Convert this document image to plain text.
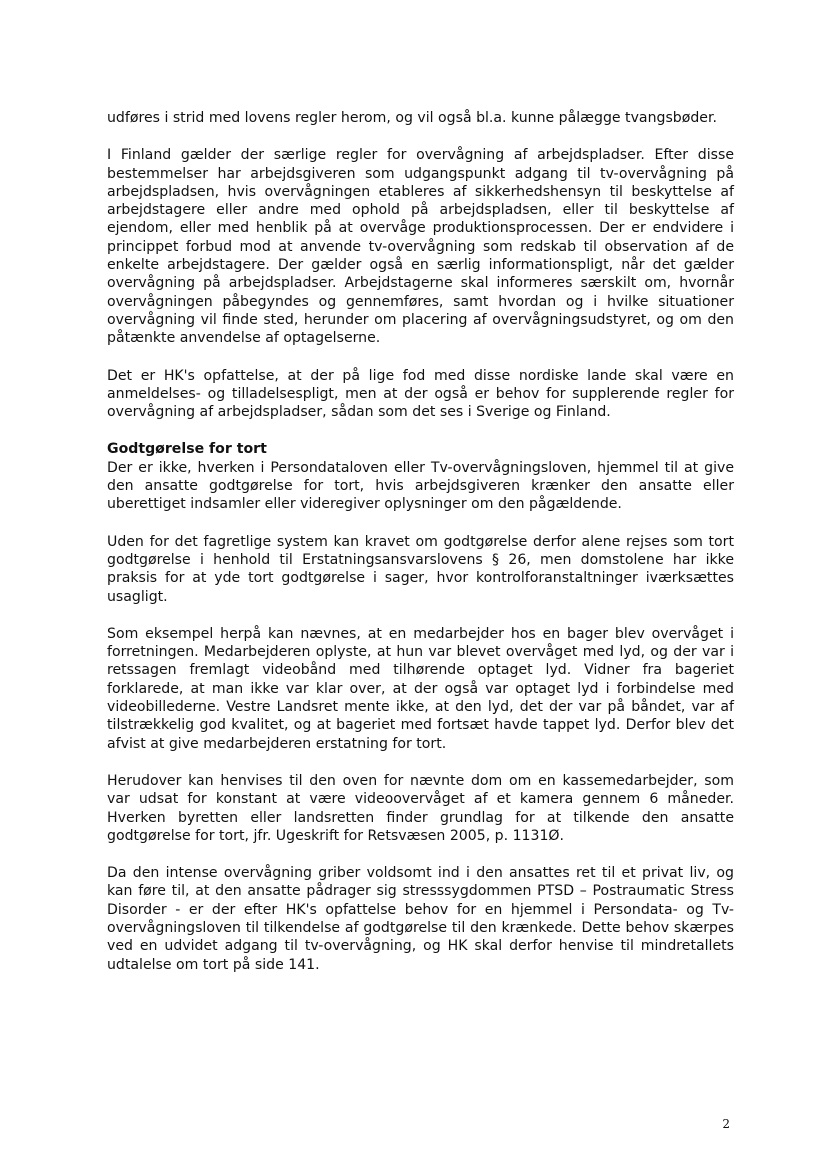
udføres i strid med lovens regler herom, og vil også bl.a. kunne pålægge tvangsbøder.

I Finland gælder der særlige regler for overvågning af arbejdspladser. Efter disse bestemmelser har arbejdsgiveren som udgangspunkt adgang til tv-overvågning på arbejdspladsen, hvis overvågningen etableres af sikkerhedshensyn til beskyttelse af arbejdstagere eller andre med ophold på arbejdspladsen, eller til beskyttelse af ejendom, eller med henblik på at overvåge produktionsprocessen. Der er endvidere i princippet forbud mod at anvende tv-overvågning som redskab til observation af de enkelte arbejdstagere. Der gælder også en særlig informationspligt, når det gælder overvågning på arbejdspladser. Arbejdstagerne skal informeres særskilt om, hvornår overvågningen påbegyndes og gennemføres, samt hvordan og i hvilke situationer overvågning vil finde sted, herunder om placering af overvågningsudstyret, og om den påtænkte anvendelse af optagelserne.

Det er HK's opfattelse, at der på lige fod med disse nordiske lande skal være en anmeldelses- og tilladelsespligt, men at der også er behov for supplerende regler for overvågning af arbejdspladser, sådan som det ses i Sverige og Finland.

Godtgørelse for tort

Der er ikke, hverken i Persondataloven eller Tv-overvågningsloven, hjemmel til at give den ansatte godtgørelse for tort, hvis arbejdsgiveren krænker den ansatte eller uberettiget indsamler eller videregiver oplysninger om den pågældende.

Uden for det fagretlige system kan kravet om godtgørelse derfor alene rejses som tort godtgørelse i henhold til Erstatningsansvarslovens § 26, men domstolene har ikke praksis for at yde tort godtgørelse i sager, hvor kontrolforanstaltninger iværksættes usagligt.

Som eksempel herpå kan nævnes, at en medarbejder hos en bager blev overvåget i forretningen. Medarbejderen oplyste, at hun var blevet overvåget med lyd, og der var i retssagen fremlagt videobånd med tilhørende optaget lyd. Vidner fra bageriet forklarede, at man ikke var klar over, at der også var optaget lyd i forbindelse med videobillederne. Vestre Landsret mente ikke, at den lyd, det der var på båndet, var af tilstrækkelig god kvalitet, og at bageriet med fortsæt havde tappet lyd. Derfor blev det afvist at give medarbejderen erstatning for tort.

Herudover kan henvises til den oven for nævnte dom om en kassemedarbejder, som var udsat for konstant at være videoovervåget af et kamera gennem 6 måneder. Hverken byretten eller landsretten finder grundlag for at tilkende den ansatte godtgørelse for tort, jfr. Ugeskrift for Retsvæsen 2005, p. 1131Ø.

Da den intense overvågning griber voldsomt ind i den ansattes ret til et privat liv, og kan føre til, at den ansatte pådrager sig stresssygdommen PTSD – Postraumatic Stress Disorder - er der efter HK's opfattelse behov for en hjemmel i Persondata- og Tv-overvågningsloven til tilkendelse af godtgørelse til den krænkede. Dette behov skærpes ved en udvidet adgang til tv-overvågning, og HK skal derfor henvise til mindretallets udtalelse om tort på side 141.

2
